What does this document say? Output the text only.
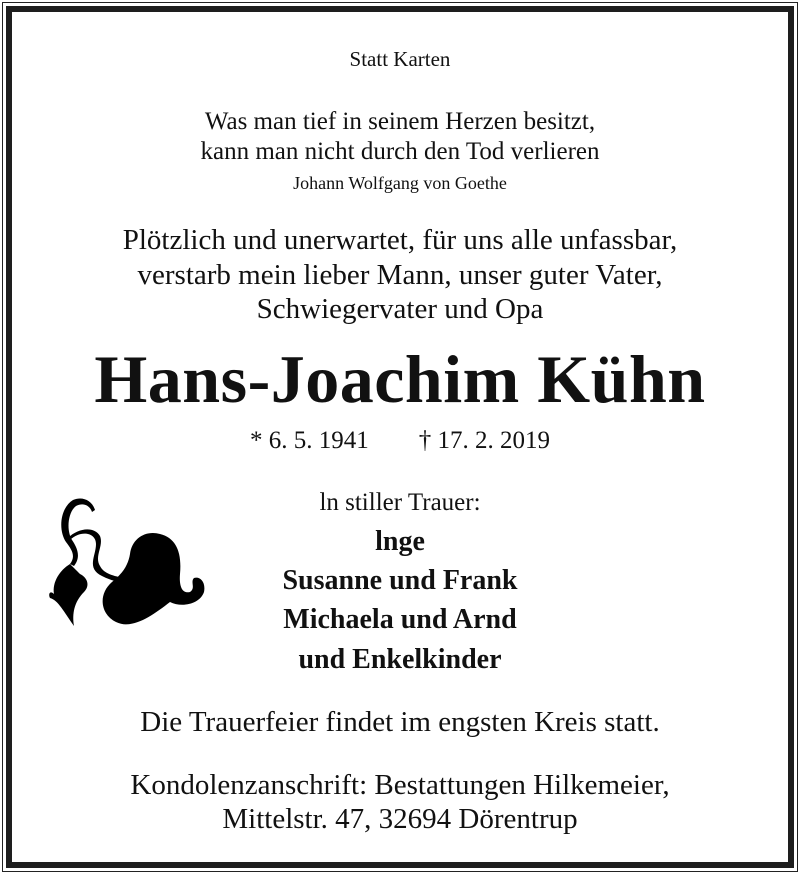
Statt Karten
Was man tief in seinem Herzen besitzt,
kann man nicht durch den Tod verlieren
Johann Wolfgang von Goethe
Plötzlich und unerwartet, für uns alle unfassbar,
verstarb mein lieber Mann, unser guter Vater,
Schwiegervater und Opa
Hans-Joachim Kühn
* 6. 5. 1941 † 17. 2. 2019
ln stiller Trauer:
lnge
Susanne und Frank
Michaela und Arnd
und Enkelkinder
Die Trauerfeier findet im engsten Kreis statt.
Kondolenzanschrift: Bestattungen Hilkemeier,
Mittelstr. 47, 32694 Dörentrup
